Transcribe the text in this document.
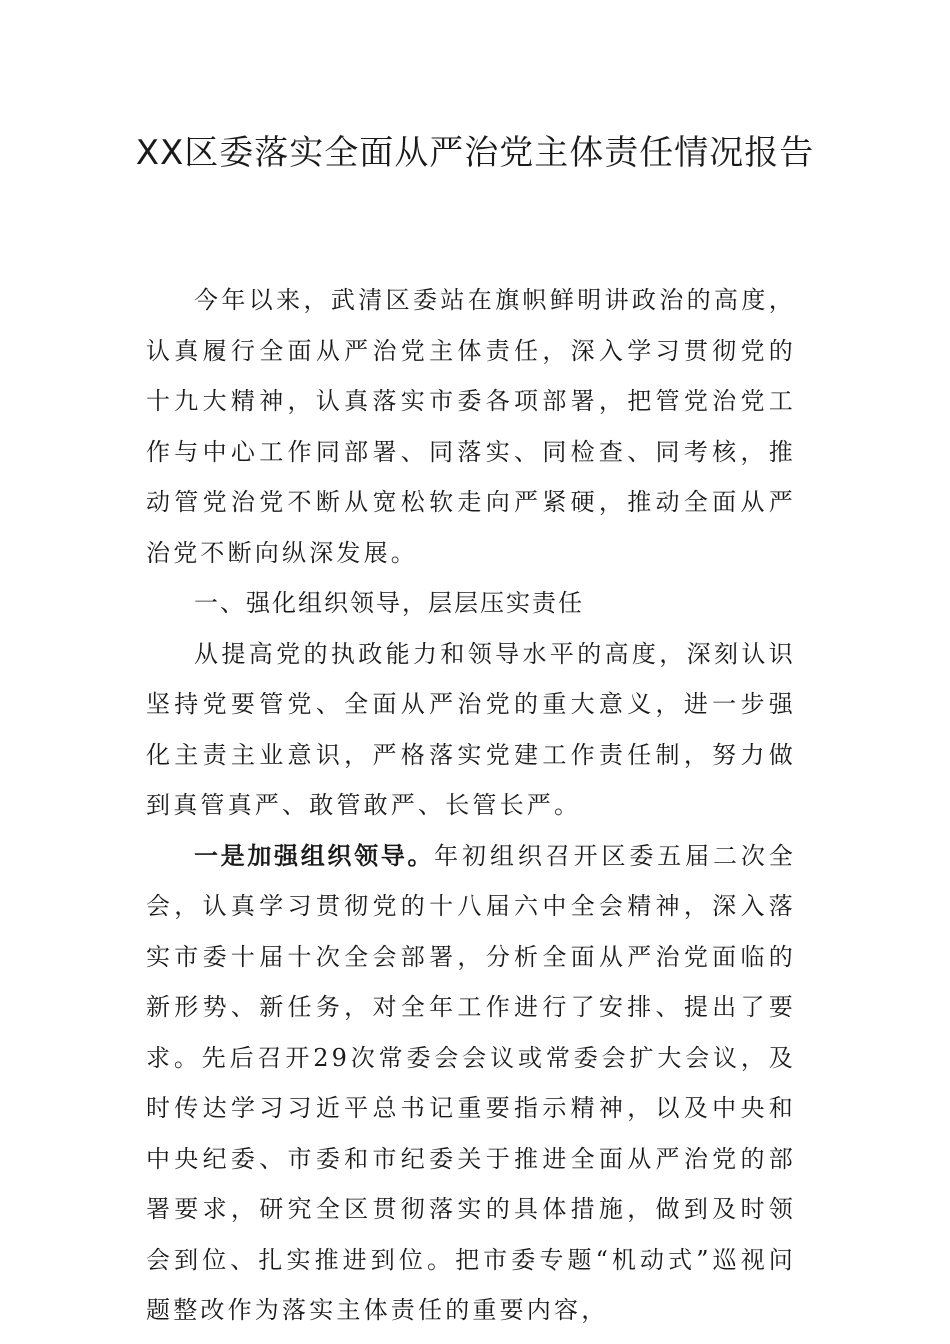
XX区委落实全面从严治党主体责任情况报告

今年以来，武清区委站在旗帜鲜明讲政治的高度，认真履行全面从严治党主体责任，深入学习贯彻党的十九大精神，认真落实市委各项部署，把管党治党工作与中心工作同部署、同落实、同检查、同考核，推动管党治党不断从宽松软走向严紧硬，推动全面从严治党不断向纵深发展。

一、强化组织领导，层层压实责任

从提高党的执政能力和领导水平的高度，深刻认识坚持党要管党、全面从严治党的重大意义，进一步强化主责主业意识，严格落实党建工作责任制，努力做到真管真严、敢管敢严、长管长严。

一是加强组织领导。年初组织召开区委五届二次全会，认真学习贯彻党的十八届六中全会精神，深入落实市委十届十次全会部署，分析全面从严治党面临的新形势、新任务，对全年工作进行了安排、提出了要求。先后召开29次常委会会议或常委会扩大会议，及时传达学习习近平总书记重要指示精神，以及中央和中央纪委、市委和市纪委关于推进全面从严治党的部署要求，研究全区贯彻落实的具体措施，做到及时领会到位、扎实推进到位。把市委专题“机动式”巡视问题整改作为落实主体责任的重要内容，
